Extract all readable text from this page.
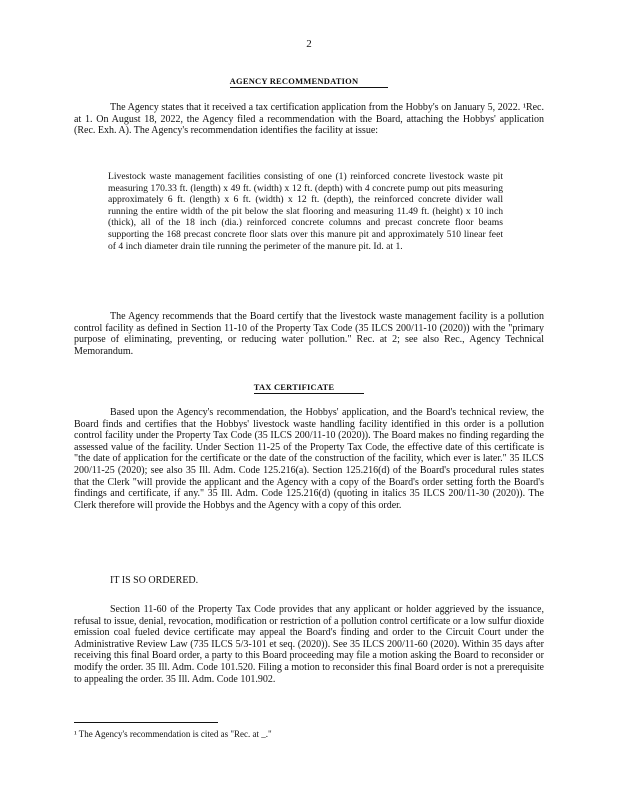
2
AGENCY RECOMMENDATION

The Agency states that it received a tax certification application from the Hobby's on January 5, 2022. ¹Rec. at 1. On August 18, 2022, the Agency filed a recommendation with the Board, attaching the Hobbys' application (Rec. Exh. A). The Agency's recommendation identifies the facility at issue:

Livestock waste management facilities consisting of one (1) reinforced concrete livestock waste pit measuring 170.33 ft. (length) x 49 ft. (width) x 12 ft. (depth) with 4 concrete pump out pits measuring approximately 6 ft. (length) x 6 ft. (width) x 12 ft. (depth), the reinforced concrete divider wall running the entire width of the pit below the slat flooring and measuring 11.49 ft. (height) x 10 inch (thick), all of the 18 inch (dia.) reinforced concrete columns and precast concrete floor beams supporting the 168 precast concrete floor slats over this manure pit and approximately 510 linear feet of 4 inch diameter drain tile running the perimeter of the manure pit. Id. at 1.

The Agency recommends that the Board certify that the livestock waste management facility is a pollution control facility as defined in Section 11-10 of the Property Tax Code (35 ILCS 200/11-10 (2020)) with the "primary purpose of eliminating, preventing, or reducing water pollution." Rec. at 2; see also Rec., Agency Technical Memorandum.

TAX CERTIFICATE

Based upon the Agency's recommendation, the Hobbys' application, and the Board's technical review, the Board finds and certifies that the Hobbys' livestock waste handling facility identified in this order is a pollution control facility under the Property Tax Code (35 ILCS 200/11-10 (2020)). The Board makes no finding regarding the assessed value of the facility. Under Section 11-25 of the Property Tax Code, the effective date of this certificate is "the date of application for the certificate or the date of the construction of the facility, which ever is later." 35 ILCS 200/11-25 (2020); see also 35 Ill. Adm. Code 125.216(a). Section 125.216(d) of the Board's procedural rules states that the Clerk "will provide the applicant and the Agency with a copy of the Board's order setting forth the Board's findings and certificate, if any." 35 Ill. Adm. Code 125.216(d) (quoting in italics 35 ILCS 200/11-30 (2020)). The Clerk therefore will provide the Hobbys and the Agency with a copy of this order.

IT IS SO ORDERED.

Section 11-60 of the Property Tax Code provides that any applicant or holder aggrieved by the issuance, refusal to issue, denial, revocation, modification or restriction of a pollution control certificate or a low sulfur dioxide emission coal fueled device certificate may appeal the Board's finding and order to the Circuit Court under the Administrative Review Law (735 ILCS 5/3-101 et seq. (2020)). See 35 ILCS 200/11-60 (2020). Within 35 days after receiving this final Board order, a party to this Board proceeding may file a motion asking the Board to reconsider or modify the order. 35 Ill. Adm. Code 101.520. Filing a motion to reconsider this final Board order is not a prerequisite to appealing the order. 35 Ill. Adm. Code 101.902.

¹ The Agency's recommendation is cited as "Rec. at _."
